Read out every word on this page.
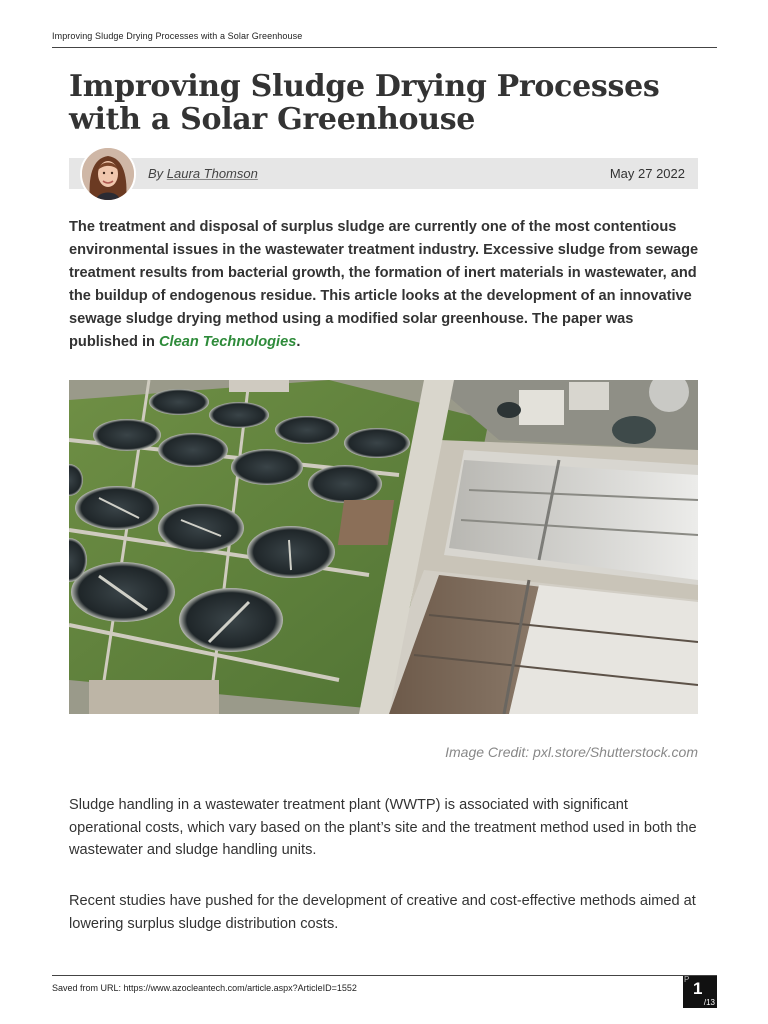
Improving Sludge Drying Processes with a Solar Greenhouse
Improving Sludge Drying Processes with a Solar Greenhouse
By Laura Thomson	May 27 2022

The treatment and disposal of surplus sludge are currently one of the most contentious environmental issues in the wastewater treatment industry. Excessive sludge from sewage treatment results from bacterial growth, the formation of inert materials in wastewater, and the buildup of endogenous residue. This article looks at the development of an innovative sewage sludge drying method using a modified solar greenhouse. The paper was published in Clean Technologies.

Image Credit: pxl.store/Shutterstock.com

Sludge handling in a wastewater treatment plant (WWTP) is associated with significant operational costs, which vary based on the plant’s site and the treatment method used in both the wastewater and sludge handling units.

Recent studies have pushed for the development of creative and cost-effective methods aimed at lowering surplus sludge distribution costs.

Saved from URL: https://www.azocleantech.com/article.aspx?ArticleID=1552
P 1
/13
